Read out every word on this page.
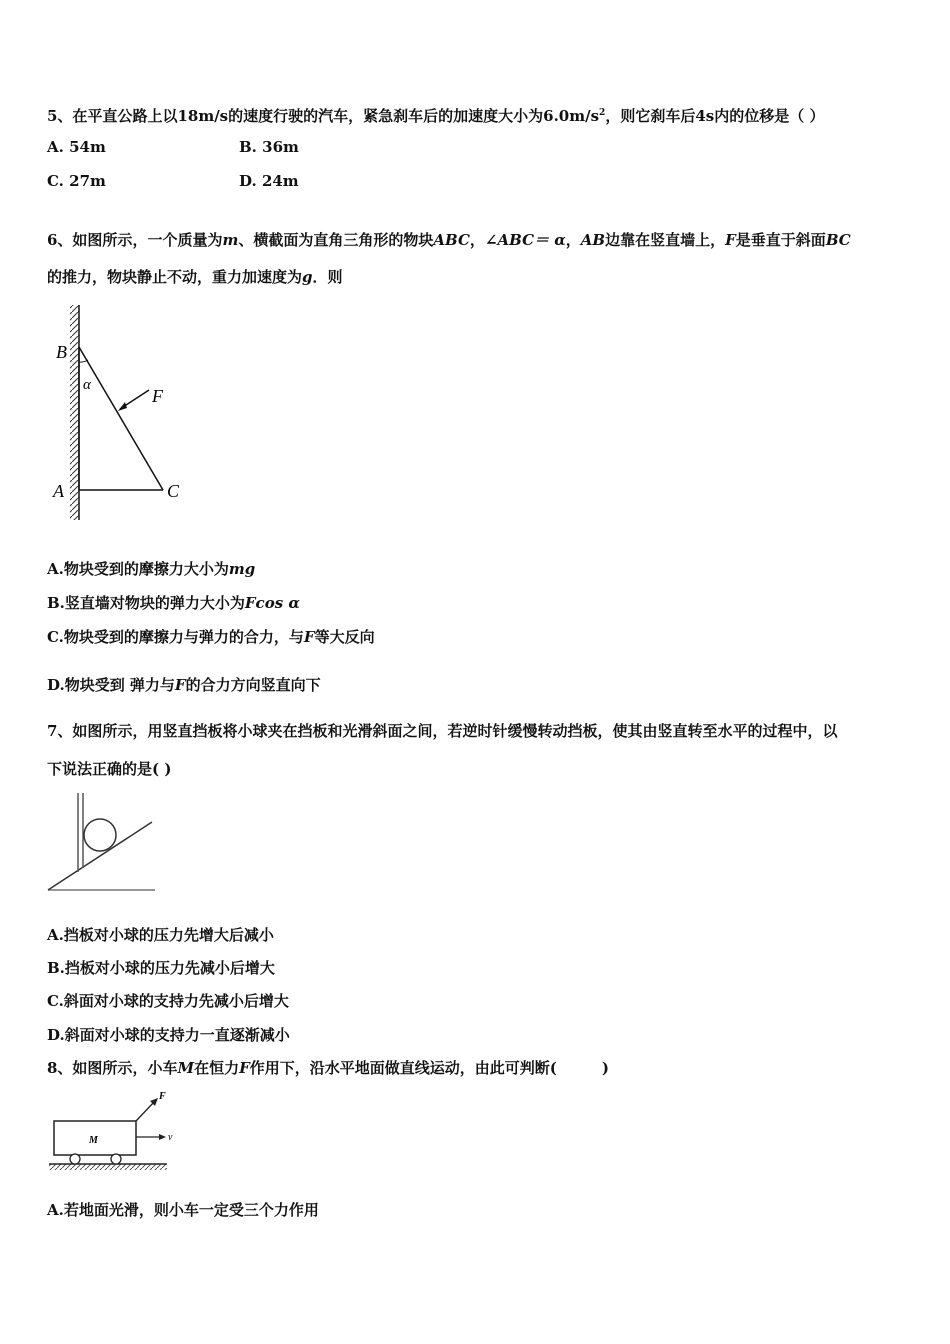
5、在平直公路上以18m/s的速度行驶的汽车，紧急刹车后的加速度大小为$6.0m/s^2$，则它刹车后4s内的位移是（ ）
A. 54m	B. 36m
C. 27m	D. 24m
6、如图所示，一个质量为m、横截面为直角三角形的物块ABC，∠ABC＝ α，AB边靠在竖直墙上，F是垂直于斜面BC
的推力，物块静止不动，重力加速度为g．则
B
A	C
α
F
A.物块受到的摩擦力大小为mg
B.竖直墙对物块的弹力大小为Fcos α
C.物块受到的摩擦力与弹力的合力，与F等大反向
D.物块受到 弹力与F的合力方向竖直向下
7、如图所示，用竖直挡板将小球夹在挡板和光滑斜面之间，若逆时针缓慢转动挡板，使其由竖直转至水平的过程中，以
下说法正确的是( )
A.挡板对小球的压力先增大后减小
B.挡板对小球的压力先减小后增大
C.斜面对小球的支持力先减小后增大
D.斜面对小球的支持力一直逐渐减小
8、如图所示，小车M在恒力F作用下，沿水平地面做直线运动，由此可判断(　　　)
M
F
v
A.若地面光滑，则小车一定受三个力作用
